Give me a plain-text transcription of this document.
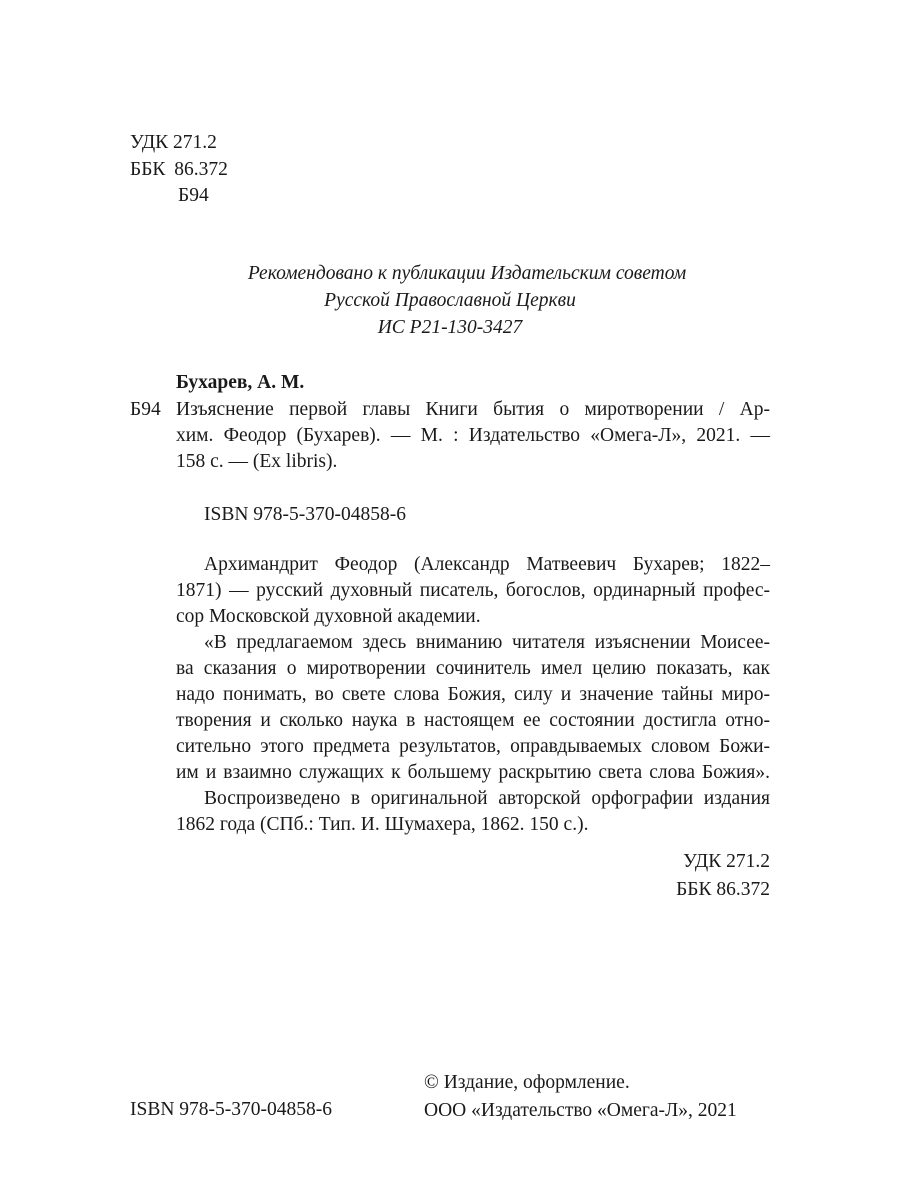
УДК 271.2
ББК 86.372
Б94
Рекомендовано к публикации Издательским советом
Русской Православной Церкви
ИС Р21-130-3427
Бухарев, А. М.
Б94 Изъяснение первой главы Книги бытия о миротворении / Ар-
хим. Феодор (Бухарев). — М. : Издательство «Омега-Л», 2021. —
158 с. — (Ex libris).
ISBN 978-5-370-04858-6
Архимандрит Феодор (Александр Матвеевич Бухарев; 1822–
1871) — русский духовный писатель, богослов, ординарный профес-
сор Московской духовной академии.
«В предлагаемом здесь вниманию читателя изъяснении Моисее-
ва сказания о миротворении сочинитель имел целию показать, как
надо понимать, во свете слова Божия, силу и значение тайны миро-
творения и сколько наука в настоящем ее состоянии достигла отно-
сительно этого предмета результатов, оправдываемых словом Божи-
им и взаимно служащих к большему раскрытию света слова Божия».
Воспроизведено в оригинальной авторской орфографии издания
1862 года (СПб.: Тип. И. Шумахера, 1862. 150 с.).
УДК 271.2
ББК 86.372
ISBN 978-5-370-04858-6
© Издание, оформление.
ООО «Издательство «Омега-Л», 2021
